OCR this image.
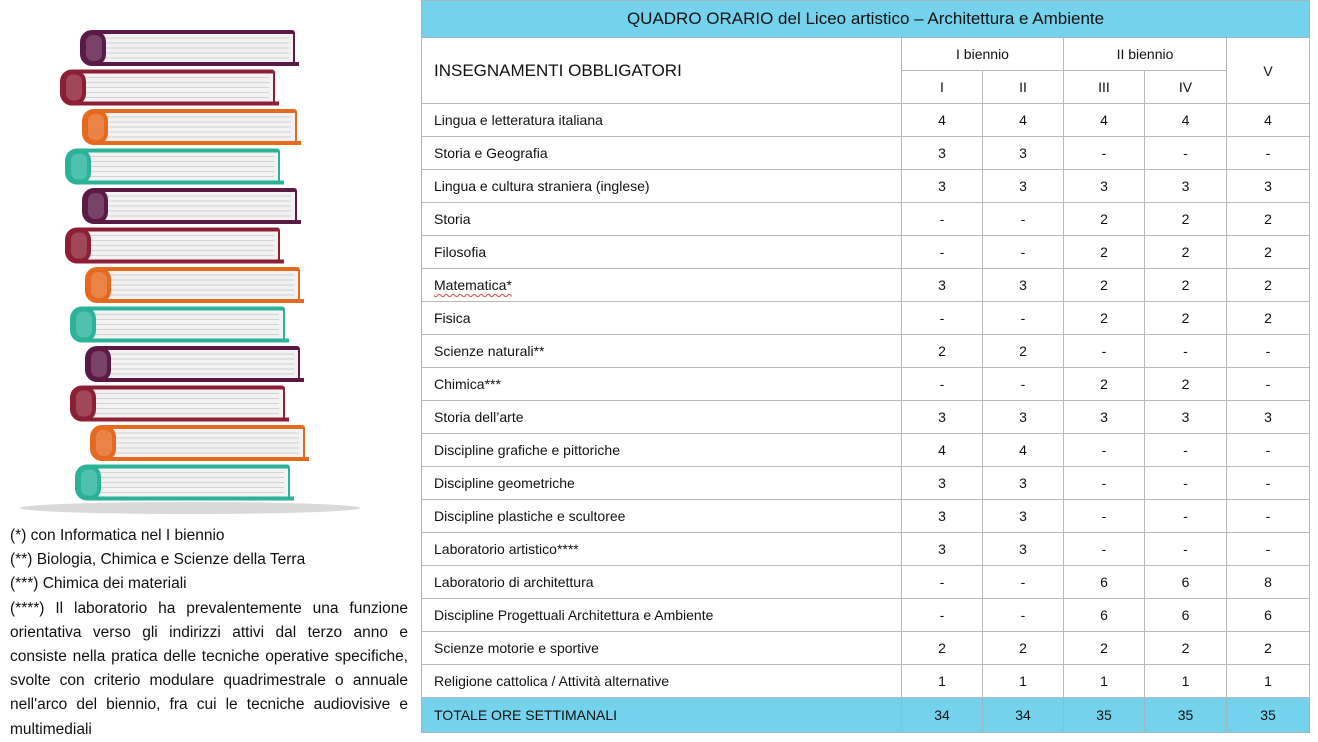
(*) con Informatica nel I biennio
(**) Biologia, Chimica e Scienze della Terra
(***) Chimica dei materiali
(****) Il laboratorio ha prevalentemente una funzione orientativa verso gli indirizzi attivi dal terzo anno e consiste nella pratica delle tecniche operative specifiche, svolte con criterio modulare quadrimestrale o annuale nell'arco del biennio, fra cui le tecniche audiovisive e multimediali
QUADRO ORARIO del Liceo artistico – Architettura e Ambiente					
INSEGNAMENTI OBBLIGATORI	I biennio		II biennio		V
	I	II	III	IV	
Lingua e letteratura italiana	4	4	4	4	4
Storia e Geografia	3	3	-	-	-
Lingua e cultura straniera (inglese)	3	3	3	3	3
Storia	-	-	2	2	2
Filosofia	-	-	2	2	2
Matematica*	3	3	2	2	2
Fisica	-	-	2	2	2
Scienze naturali**	2	2	-	-	-
Chimica***	-	-	2	2	-
Storia dell’arte	3	3	3	3	3
Discipline grafiche e pittoriche	4	4	-	-	-
Discipline geometriche	3	3	-	-	-
Discipline plastiche e scultoree	3	3	-	-	-
Laboratorio artistico****	3	3	-	-	-
Laboratorio di architettura	-	-	6	6	8
Discipline Progettuali Architettura e Ambiente	-	-	6	6	6
Scienze motorie e sportive	2	2	2	2	2
Religione cattolica / Attività alternative	1	1	1	1	1
TOTALE ORE SETTIMANALI	34	34	35	35	35
